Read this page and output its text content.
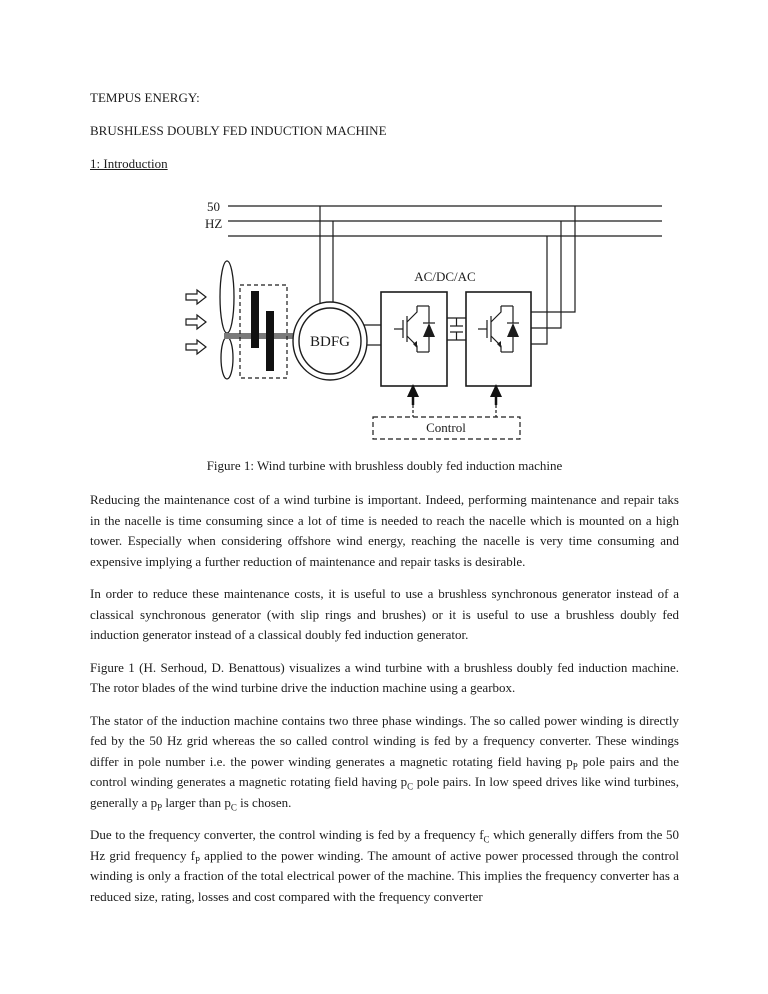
TEMPUS ENERGY:

BRUSHLESS DOUBLY FED INDUCTION MACHINE

1: Introduction

50
HZ
BDFG
AC/DC/AC
Control

Figure 1: Wind turbine with brushless doubly fed induction machine

Reducing the maintenance cost of a wind turbine is important. Indeed, performing maintenance and repair taks in the nacelle is time consuming since a lot of time is needed to reach the nacelle which is mounted on a high tower. Especially when considering offshore wind energy, reaching the nacelle is very time consuming and expensive implying a further reduction of maintenance and repair tasks is desirable.

In order to reduce these maintenance costs, it is useful to use a brushless synchronous generator instead of a classical synchronous generator (with slip rings and brushes) or it is useful to use a brushless doubly fed induction generator instead of a classical doubly fed induction generator.

Figure 1 (H. Serhoud, D. Benattous) visualizes a wind turbine with a brushless doubly fed induction machine. The rotor blades of the wind turbine drive the induction machine using a gearbox.

The stator of the induction machine contains two three phase windings. The so called power winding is directly fed by the 50 Hz grid whereas the so called control winding is fed by a frequency converter. These windings differ in pole number i.e. the power winding generates a magnetic rotating field having $p_P$ pole pairs and the control winding generates a magnetic rotating field having $p_C$ pole pairs. In low speed drives like wind turbines, generally a $p_P$ larger than $p_C$ is chosen.

Due to the frequency converter, the control winding is fed by a frequency $f_C$ which generally differs from the 50 Hz grid frequency $f_P$ applied to the power winding. The amount of active power processed through the control winding is only a fraction of the total electrical power of the machine. This implies the frequency converter has a reduced size, rating, losses and cost compared with the frequency converter
